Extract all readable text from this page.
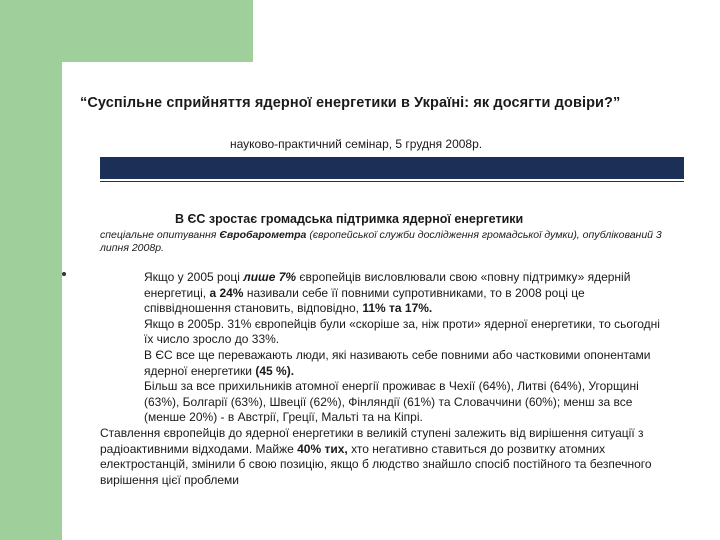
“Суспільне сприйняття ядерної енергетики в Україні: як досягти довіри?”
науково-практичний семінар, 5 грудня 2008р.
В ЄС зростає громадська підтримка ядерної енергетики
спеціальне опитування Євробарометра (європейської служби дослідження громадської думки), опублікований 3 липня 2008р.

Якщо у 2005 році лише 7% європейців висловлювали свою «повну підтримку» ядерній енергетиці, а 24% називали себе її повними супротивниками, то в 2008 році це співвідношення становить, відповідно, 11% та 17%.

Якщо в 2005р. 31% європейців були «скоріше за, ніж проти» ядерної енергетики, то сьогодні їх число зросло до 33%.

В ЄС все ще переважають люди, які називають себе повними або частковими опонентами ядерної енергетики (45 %).

Більш за все прихильників атомної енергії проживає в Чехії (64%), Литві (64%), Угорщині (63%), Болгарії (63%), Швеції (62%), Фінляндії (61%) та Словаччини (60%); менш за все (менше 20%) - в Австрії, Греції, Мальті та на Кіпрі.

Ставлення європейців до ядерної енергетики в великій ступені залежить від вирішення ситуації з радіоактивними відходами. Майже 40% тих, хто негативно ставиться до розвитку атомних електростанцій, змінили б свою позицію, якщо б людство знайшло спосіб постійного та безпечного вирішення цієї проблеми
